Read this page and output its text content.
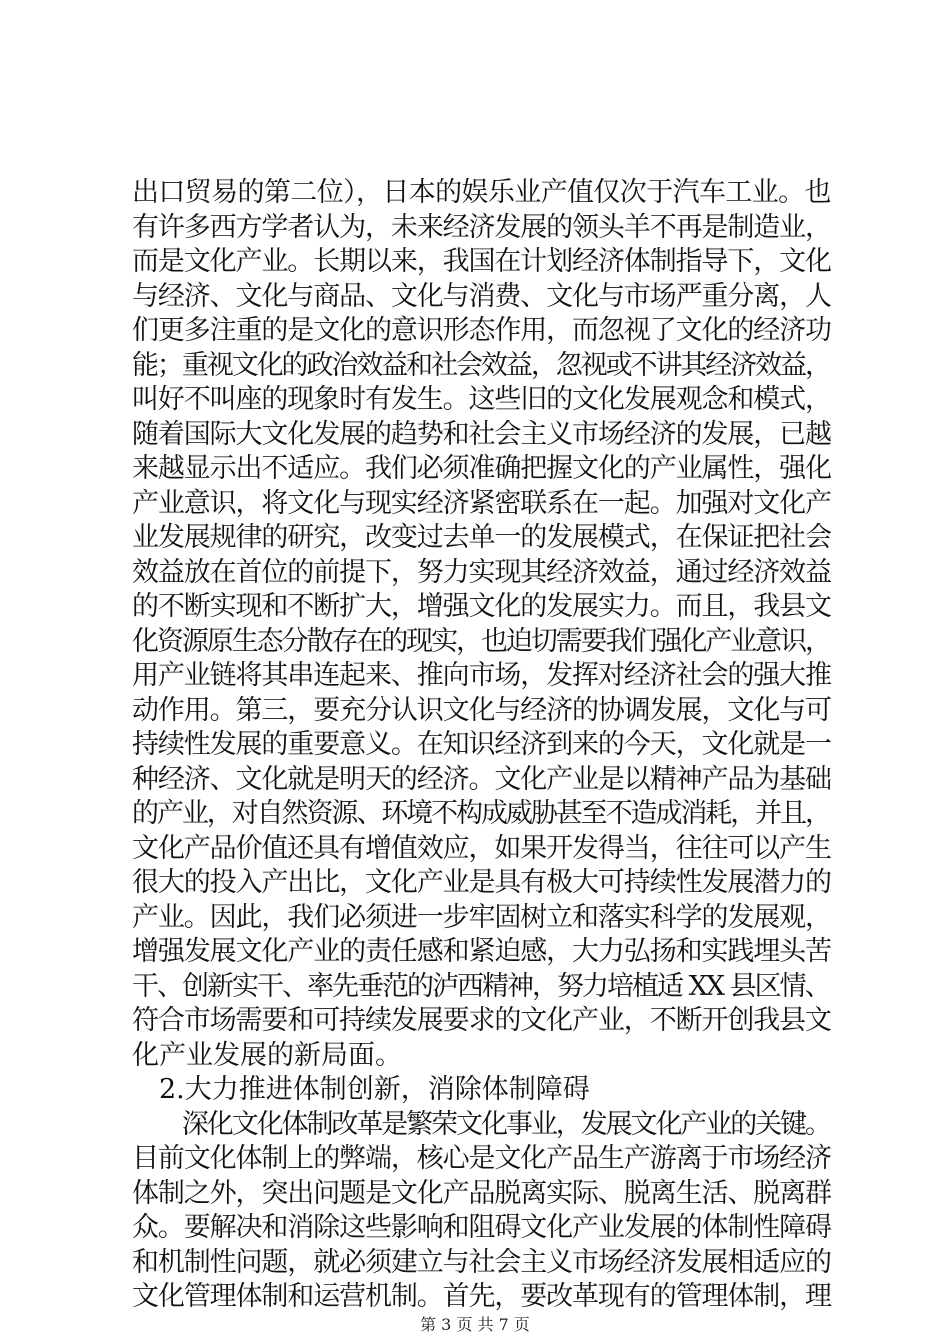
出口贸易的第二位），日本的娱乐业产值仅次于汽车工业。也
有许多西方学者认为，未来经济发展的领头羊不再是制造业，
而是文化产业。长期以来，我国在计划经济体制指导下，文化
与经济、文化与商品、文化与消费、文化与市场严重分离，人
们更多注重的是文化的意识形态作用，而忽视了文化的经济功
能；重视文化的政治效益和社会效益，忽视或不讲其经济效益，
叫好不叫座的现象时有发生。这些旧的文化发展观念和模式，
随着国际大文化发展的趋势和社会主义市场经济的发展，已越
来越显示出不适应。我们必须准确把握文化的产业属性，强化
产业意识，将文化与现实经济紧密联系在一起。加强对文化产
业发展规律的研究，改变过去单一的发展模式，在保证把社会
效益放在首位的前提下，努力实现其经济效益，通过经济效益
的不断实现和不断扩大，增强文化的发展实力。而且，我县文
化资源原生态分散存在的现实，也迫切需要我们强化产业意识，
用产业链将其串连起来、推向市场，发挥对经济社会的强大推
动作用。第三，要充分认识文化与经济的协调发展，文化与可
持续性发展的重要意义。在知识经济到来的今天，文化就是一
种经济、文化就是明天的经济。文化产业是以精神产品为基础
的产业，对自然资源、环境不构成威胁甚至不造成消耗，并且，
文化产品价值还具有增值效应，如果开发得当，往往可以产生
很大的投入产出比，文化产业是具有极大可持续性发展潜力的
产业。因此，我们必须进一步牢固树立和落实科学的发展观，
增强发展文化产业的责任感和紧迫感，大力弘扬和实践埋头苦
干、创新实干、率先垂范的泸西精神，努力培植适 XX 县区情、
符合市场需要和可持续发展要求的文化产业，不断开创我县文
化产业发展的新局面。
　2.大力推进体制创新，消除体制障碍
　　深化文化体制改革是繁荣文化事业，发展文化产业的关键。
目前文化体制上的弊端，核心是文化产品生产游离于市场经济
体制之外，突出问题是文化产品脱离实际、脱离生活、脱离群
众。要解决和消除这些影响和阻碍文化产业发展的体制性障碍
和机制性问题，就必须建立与社会主义市场经济发展相适应的
文化管理体制和运营机制。首先，要改革现有的管理体制，理
第 3 页 共 7 页
